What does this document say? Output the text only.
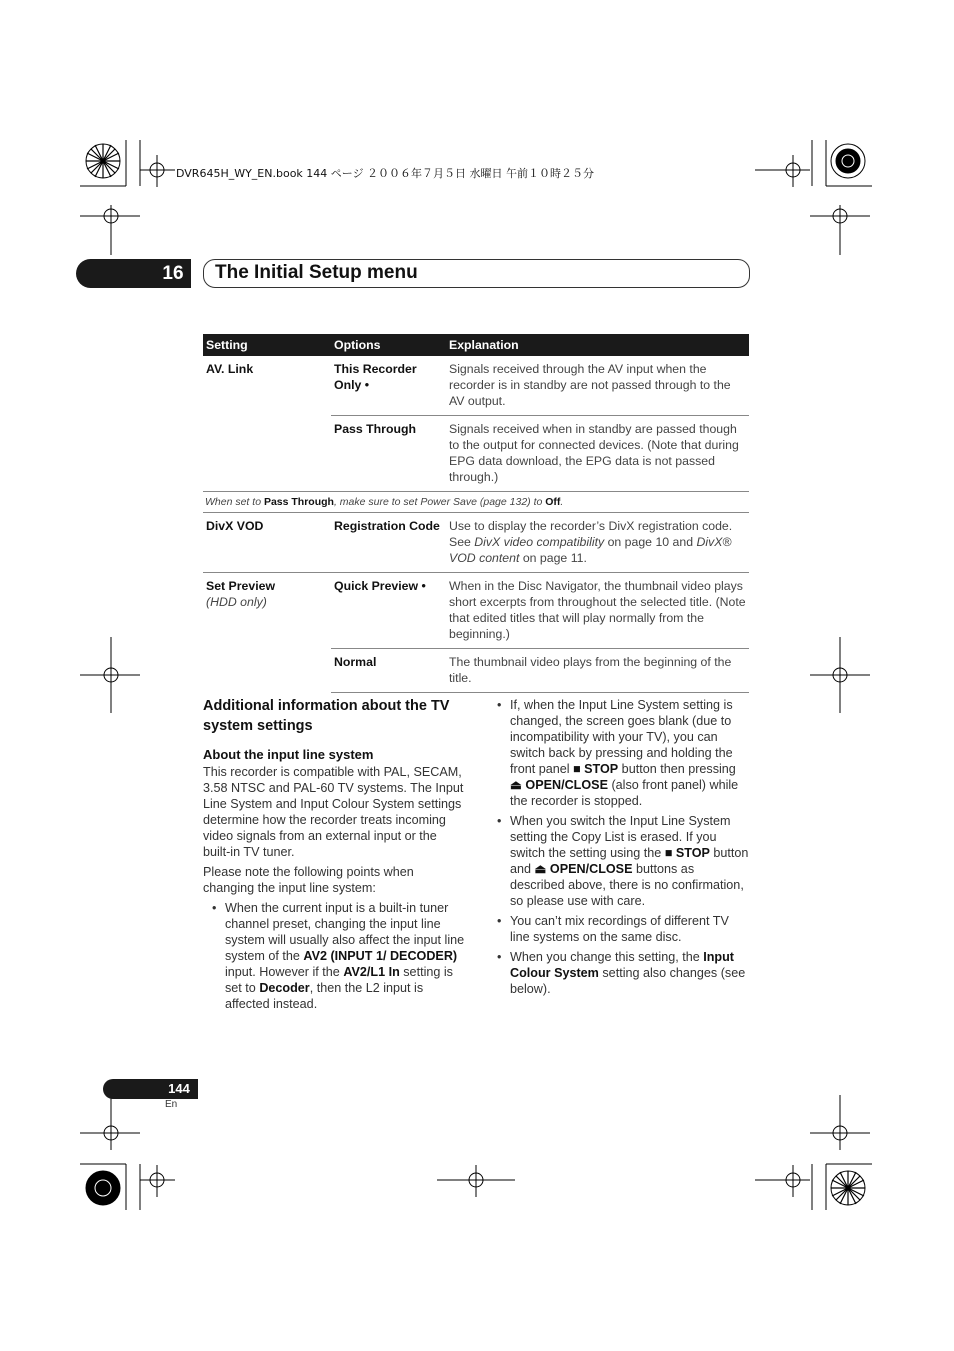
DVR645H_WY_EN.book 144 ページ ２００６年７月５日 水曜日 午前１０時２５分
16 The Initial Setup menu
Setting	Options	Explanation
AV. Link	This Recorder Only •	Signals received through the AV input when the recorder is in standby are not passed through to the AV output.
	Pass Through	Signals received when in standby are passed though to the output for connected devices. (Note that during EPG data download, the EPG data is not passed through.)
When set to Pass Through, make sure to set Power Save (page 132) to Off.		
DivX VOD	Registration Code	Use to display the recorder’s DivX registration code. See DivX video compatibility on page 10 and DivX® VOD content on page 11.
Set Preview
(HDD only)	Quick Preview •	When in the Disc Navigator, the thumbnail video plays short excerpts from throughout the selected title. (Note that edited titles that will play normally from the beginning.)
	Normal	The thumbnail video plays from the beginning of the title.
Additional information about the TV system settings
About the input line system

This recorder is compatible with PAL, SECAM, 3.58 NTSC and PAL-60 TV systems. The Input Line System and Input Colour System settings determine how the recorder treats incoming video signals from an external input or the built-in TV tuner.

Please note the following points when changing the input line system:

• When the current input is a built-in tuner channel preset, changing the input line system will usually also affect the input line system of the AV2 (INPUT 1/ DECODER) input. However if the AV2/L1 In setting is set to Decoder, then the L2 input is affected instead.
• If, when the Input Line System setting is changed, the screen goes blank (due to incompatibility with your TV), you can switch back by pressing and holding the front panel ■ STOP button then pressing ⏏ OPEN/CLOSE (also front panel) while the recorder is stopped.
• When you switch the Input Line System setting the Copy List is erased. If you switch the setting using the ■ STOP button and ⏏ OPEN/CLOSE buttons as described above, there is no confirmation, so please use with care.
• You can’t mix recordings of different TV line systems on the same disc.
• When you change this setting, the Input Colour System setting also changes (see below).
144
En
